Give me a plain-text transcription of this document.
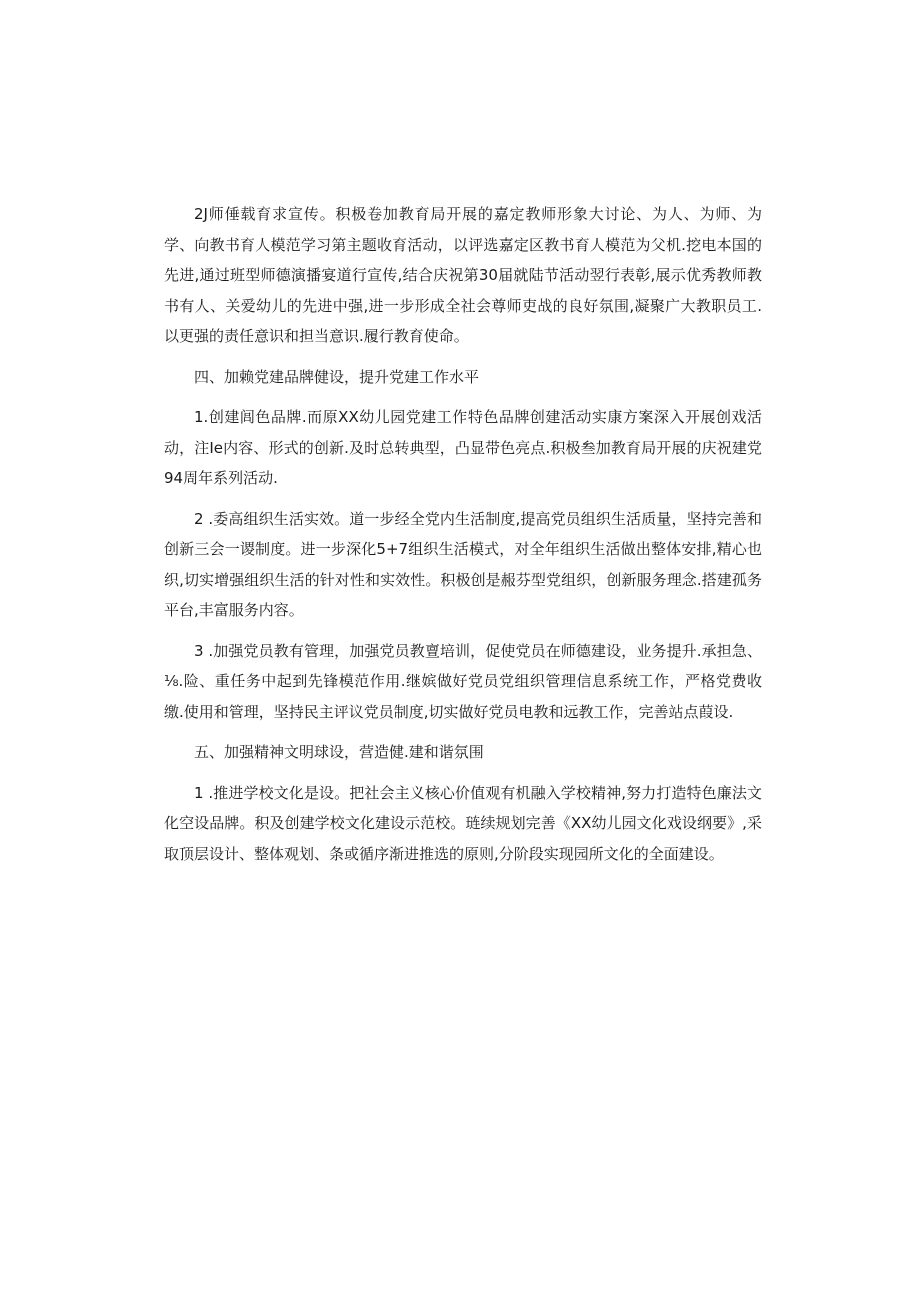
2J师倕载育求宣传。积极卷加教育局开展的嘉定教师形象大讨论、为人、为师、为学、向教书育人模范学习第主题收育活动，以评选嘉定区教书育人模范为父机.挖电本国的先进,通过班型师德演播宴道行宣传,结合庆祝第30届就陆节活动翌行表彰,展示优秀教师教书有人、关爱幼儿的先进中强,进一步形成全社会尊师吏战的良好氛围,凝聚广大教职员工.以更强的责任意识和担当意识.履行教育使命。

四、加赖党建品牌健设，提升党建工作水平

1.创建闾色品牌.而原XX幼儿园党建工作特色品牌创建活动实康方案深入开展创戏活动，注Ie内容、形式的创新.及时总转典型，凸显带色亮点.积极叁加教育局开展的庆祝建党94周年系列活动.

2 .委高组织生活实效。道一步经全党内生活制度,提高党员组织生活质量，坚持完善和创新三会一谡制度。进一步深化5+7组织生活模式，对全年组织生活做出整体安排,精心也织,切实增强组织生活的针对性和实效性。积极创是赧芬型党组织，创新服务理念.搭建孤务平台,丰富服务内容。

3 .加强党员教有管理，加强党员教亶培训，促使党员在师德建设，业务提升.承担急、⅛.险、重任务中起到先锋模范作用.继嫔做好党员党组织管理信息系统工作，严格党费收缴.使用和管理，坚持民主评议党员制度,切实做好党员电教和远教工作，完善站点葭设.

五、加强精神文明球设，营造健.建和谐氛围

1 .推进学校文化是设。把社会主义核心价值观有机融入学校精神,努力打造特色廉法文化空设品牌。积及创建学校文化建设示范校。琏续规划完善《XX幼儿园文化戏设纲要》,采取顶层设计、整体观划、条或循序渐进推选的原则,分阶段实现园所文化的全面建设。
